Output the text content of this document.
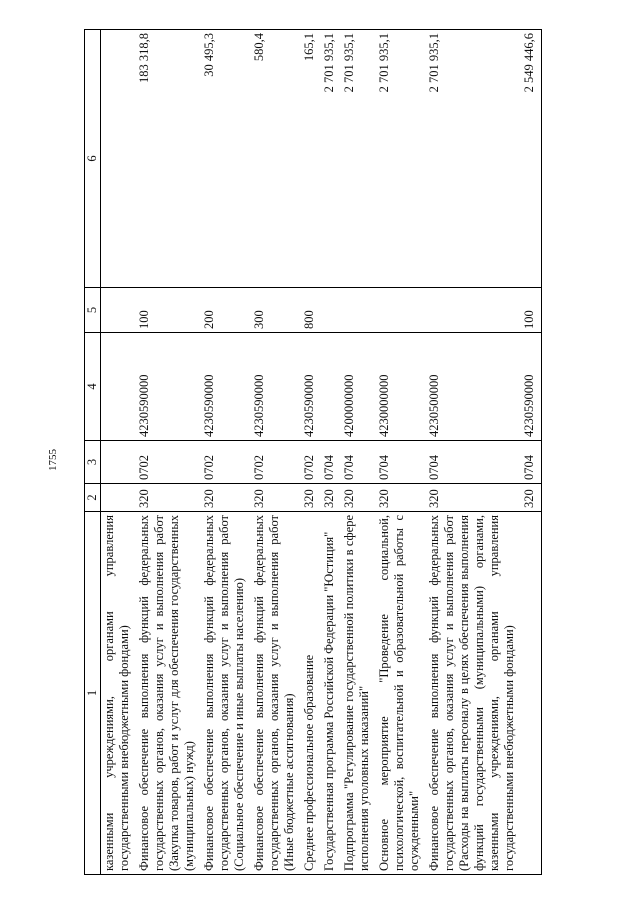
1755
1	2	3	4	5	6
казенными учреждениями, органами управления государственными внебюджетными фондами)					
Финансовое обеспечение выполнения функций федеральных государственных органов, оказания услуг и выполнения работ (Закупка товаров, работ и услуг для обеспечения государственных (муниципальных) нужд)	320	0702	4230590000	100	183 318,8
Финансовое обеспечение выполнения функций федеральных государственных органов, оказания услуг и выполнения работ (Социальное обеспечение и иные выплаты населению)	320	0702	4230590000	200	30 495,3
Финансовое обеспечение выполнения функций федеральных государственных органов, оказания услуг и выполнения работ (Иные бюджетные ассигнования)	320	0702	4230590000	300	580,4
Среднее профессиональное образование	320	0702	4230590000	800	165,1
Государственная программа Российской Федерации "Юстиция"	320	0704			2 701 935,1
Подпрограмма "Регулирование государственной политики в сфере исполнения уголовных наказаний"	320	0704	4200000000		2 701 935,1
Основное мероприятие "Проведение социальной, психологической, воспитательной и образовательной работы с осужденными"	320	0704	4230000000		2 701 935,1
Финансовое обеспечение выполнения функций федеральных государственных органов, оказания услуг и выполнения работ (Расходы на выплаты персоналу в целях обеспечения выполнения функций государственными (муниципальными) органами, казенными учреждениями, органами управления государственными внебюджетными фондами)	320	0704	4230500000		2 701 935,1
	320	0704	4230590000	100	2 549 446,6
